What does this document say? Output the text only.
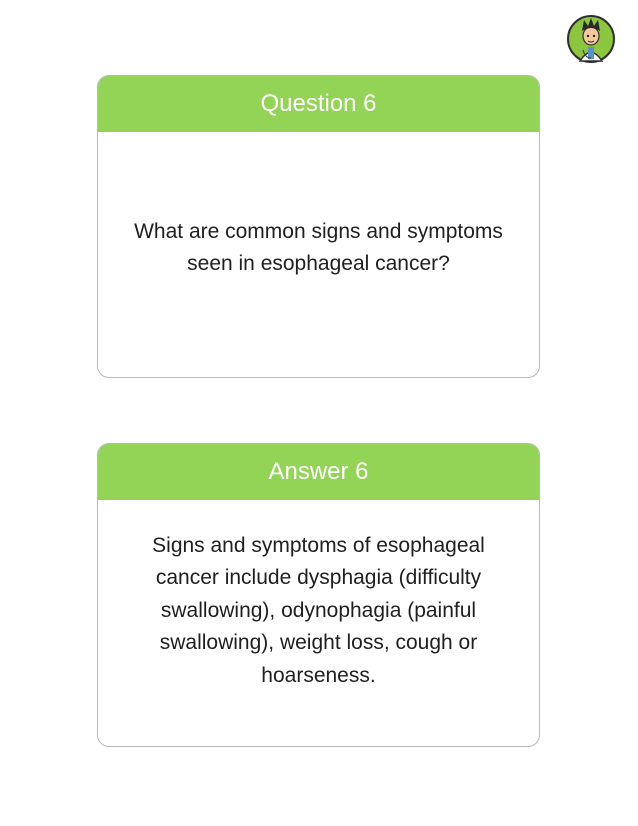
Question 6
What are common signs and symptoms seen in esophageal cancer?
Answer 6
Signs and symptoms of esophageal cancer include dysphagia (difficulty swallowing), odynophagia (painful swallowing), weight loss, cough or hoarseness.
